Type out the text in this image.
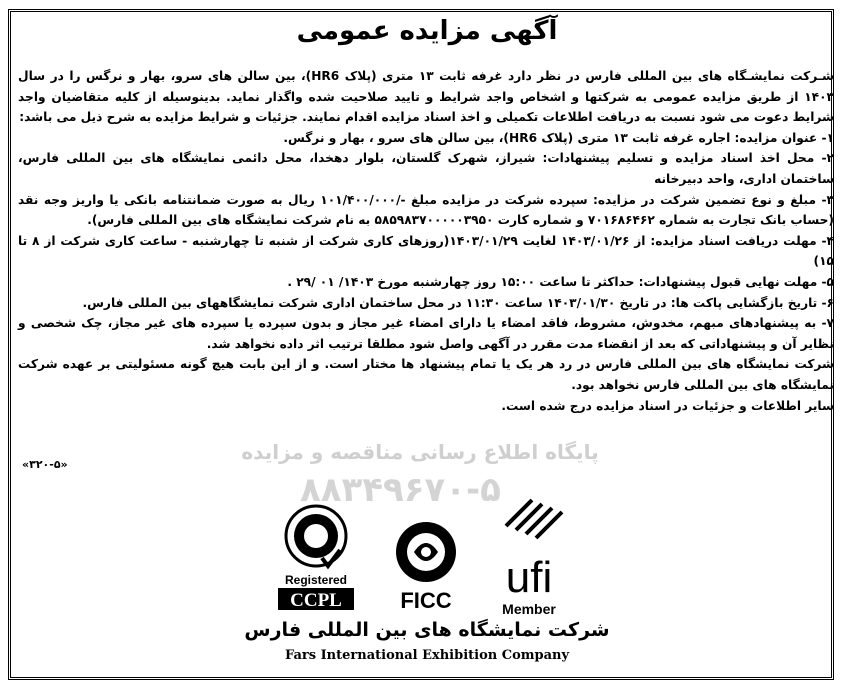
آگهی مزایده عمومی
پایگاه اطلاع رسانی مناقصه و مزایده
۸۸۳۴۹۶۷۰-۵

شـرکت نمایشـگاه های بین المللی فارس در نظر دارد غرفه ثابت ۱۳ متری (پلاک HR6)، بین سالن های سرو، بهار و نرگس را در سال ۱۴۰۳ از طریق مزایده عمومی به شرکتها و اشخاص واجد شرایط و تایید صلاحیت شده واگذار نماید. بدینوسیله از کلیه متقاضیان واجد شرایط دعوت می شود نسبت به دریافت اطلاعات تکمیلی و اخذ اسناد مزایده اقدام نمایند. جزئیات و شرایط مزایده به شرح ذیل می باشد:

۱- عنوان مزایده: اجاره غرفه ثابت ۱۳ متری (پلاک HR6)، بین سالن های سرو ، بهار و نرگس.

۲- محل اخذ اسناد مزایده و تسلیم پیشنهادات: شیراز، شهرک گلستان، بلوار دهخدا، محل دائمی نمایشگاه های بین المللی فارس، ساختمان اداری، واحد دبیرخانه

۳- مبلغ و نوع تضمین شرکت در مزایده: سپرده شرکت در مزایده مبلغ -/۱۰۱/۴۰۰/۰۰۰ ریال به صورت ضمانتنامه بانکی یا واریز وجه نقد (حساب بانک تجارت به شماره ۷۰۱۶۸۶۴۶۲ و شماره کارت ۵۸۵۹۸۳۷۰۰۰۰۰۳۹۵۰ به نام شرکت نمایشگاه های بین المللی فارس).

۴- مهلت دریافت اسناد مزایده: از ۱۴۰۳/۰۱/۲۶ لغایت ۱۴۰۳/۰۱/۲۹(روزهای کاری شرکت از شنبه تا چهارشنبه - ساعت کاری شرکت از ۸ تا ۱۵)

۵- مهلت نهایی قبول پیشنهادات: حداکثر تا ساعت ۱۵:۰۰ روز چهارشنبه مورخ ۱۴۰۳/ ۰۱ /۲۹ .

۶- تاریخ بازگشایی پاکت ها: در تاریخ ۱۴۰۳/۰۱/۳۰ ساعت ۱۱:۳۰ در محل ساختمان اداری شرکت نمایشگاههای بین المللی فارس.

۷- به پیشنهادهای مبهم، مخدوش، مشروط، فاقد امضاء یا دارای امضاء غیر مجاز و بدون سپرده یا سپرده های غیر مجاز، چک شخصی و نظایر آن و پیشنهاداتی که بعد از انقضاء مدت مقرر در آگهی واصل شود مطلقا ترتیب اثر داده نخواهد شد.

شرکت نمایشگاه های بین المللی فارس در رد هر یک یا تمام پیشنهاد ها مختار است. و از این بابت هیچ گونه مسئولیتی بر عهده شرکت نمایشگاه های بین المللی فارس نخواهد بود.

سایر اطلاعات و جزئیات در اسناد مزایده درج شده است.

«۳۲۰-۵»
Registered
CCPL	FICC ufi
Member
شرکت نمایشگاه های بین المللی فارس
Fars International Exhibition Company
